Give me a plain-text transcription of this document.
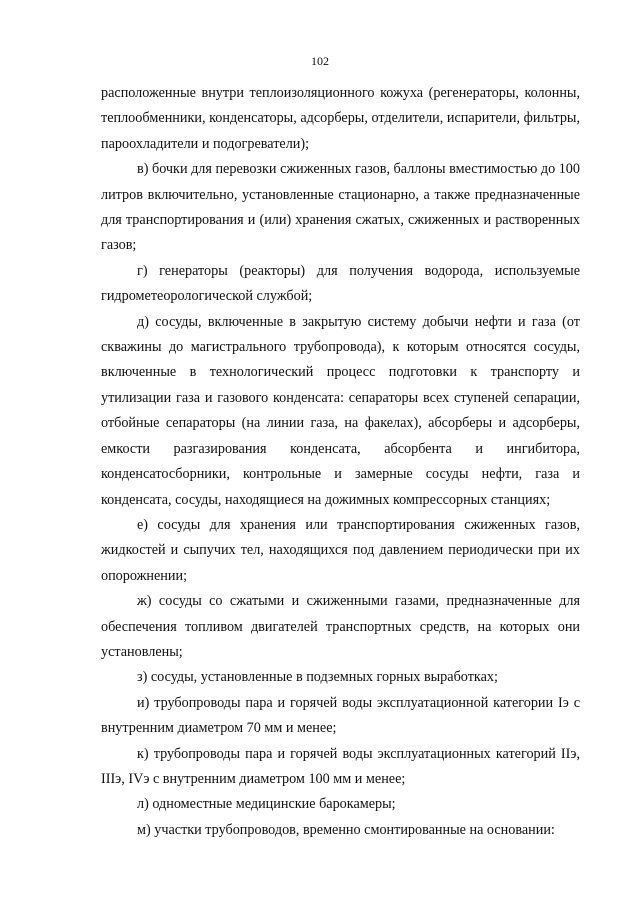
102

расположенные внутри теплоизоляционного кожуха (регенераторы, колонны, теплообменники, конденсаторы, адсорберы, отделители, испарители, фильтры, пароохладители и подогреватели);

в) бочки для перевозки сжиженных газов, баллоны вместимостью до 100 литров включительно, установленные стационарно, а также предназначенные для транспортирования и (или) хранения сжатых, сжиженных и растворенных газов;

г) генераторы (реакторы) для получения водорода, используемые гидрометеорологической службой;

д) сосуды, включенные в закрытую систему добычи нефти и газа (от скважины до магистрального трубопровода), к которым относятся сосуды, включенные в технологический процесс подготовки к транспорту и утилизации газа и газового конденсата: сепараторы всех ступеней сепарации, отбойные сепараторы (на линии газа, на факелах), абсорберы и адсорберы, емкости разгазирования конденсата, абсорбента и ингибитора, конденсатосборники, контрольные и замерные сосуды нефти, газа и конденсата, сосуды, находящиеся на дожимных компрессорных станциях;

е) сосуды для хранения или транспортирования сжиженных газов, жидкостей и сыпучих тел, находящихся под давлением периодически при их опорожнении;

ж) сосуды со сжатыми и сжиженными газами, предназначенные для обеспечения топливом двигателей транспортных средств, на которых они установлены;

з) сосуды, установленные в подземных горных выработках;

и) трубопроводы пара и горячей воды эксплуатационной категории Iэ с внутренним диаметром 70 мм и менее;

к) трубопроводы пара и горячей воды эксплуатационных категорий IIэ, IIIэ, IVэ с внутренним диаметром 100 мм и менее;

л) одноместные медицинские барокамеры;

м) участки трубопроводов, временно смонтированные на основании:
